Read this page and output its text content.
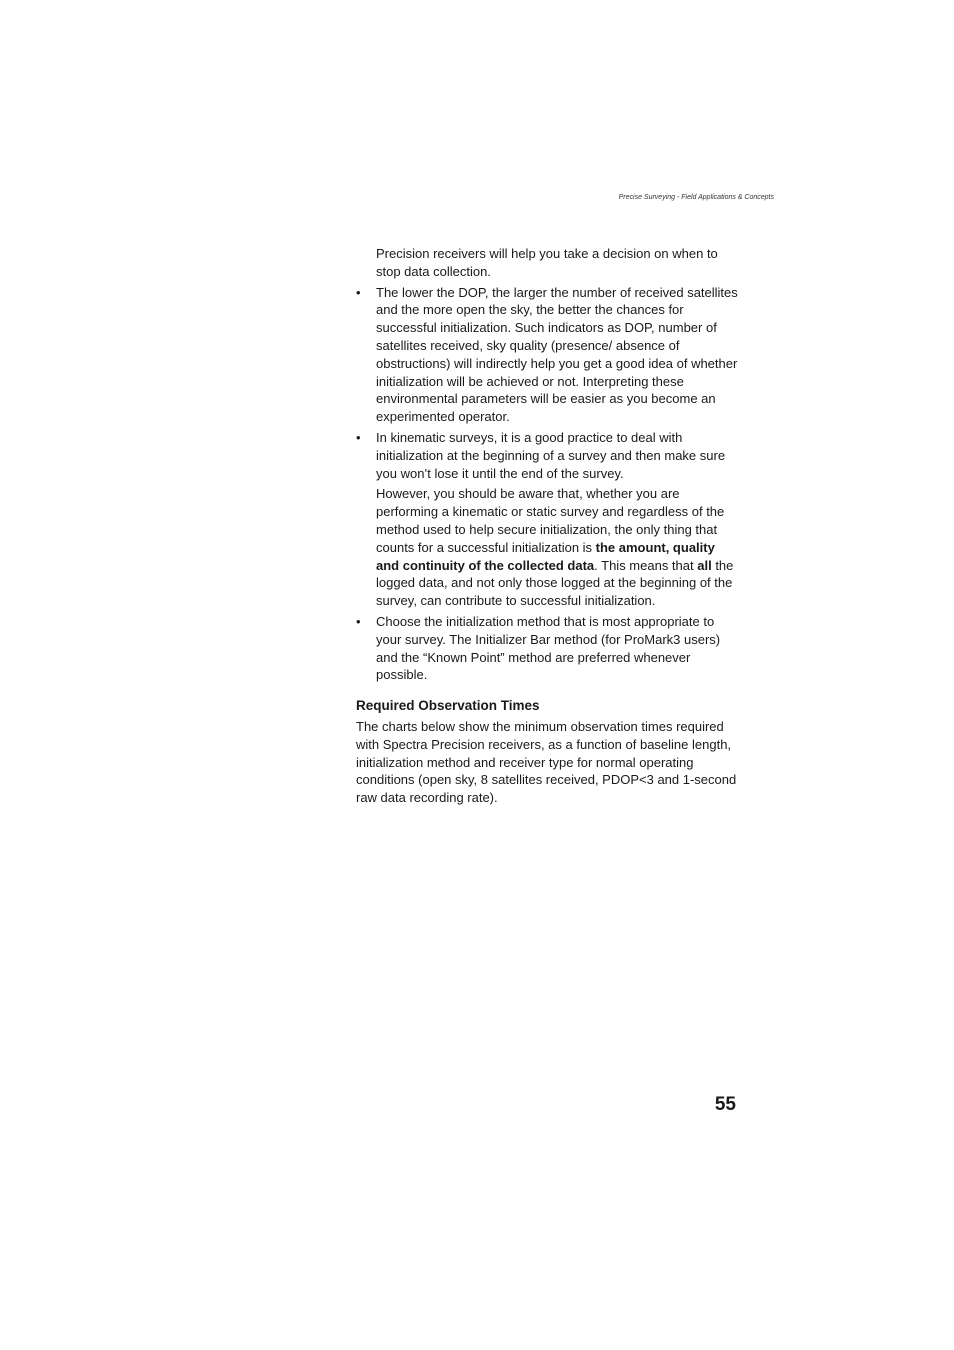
Precise Surveying - Field Applications & Concepts

Precision receivers will help you take a decision on when to stop data collection.

• The lower the DOP, the larger the number of received satellites and the more open the sky, the better the chances for successful initialization. Such indicators as DOP, number of satellites received, sky quality (presence/ absence of obstructions) will indirectly help you get a good idea of whether initialization will be achieved or not. Interpreting these environmental parameters will be easier as you become an experimented operator.

• In kinematic surveys, it is a good practice to deal with initialization at the beginning of a survey and then make sure you won’t lose it until the end of the survey.

However, you should be aware that, whether you are performing a kinematic or static survey and regardless of the method used to help secure initialization, the only thing that counts for a successful initialization is the amount, quality and continuity of the collected data. This means that all the logged data, and not only those logged at the beginning of the survey, can contribute to successful initialization.

• Choose the initialization method that is most appropriate to your survey. The Initializer Bar method (for ProMark3 users) and the “Known Point” method are preferred whenever possible.

Required Observation Times

The charts below show the minimum observation times required with Spectra Precision receivers, as a function of baseline length, initialization method and receiver type for normal operating conditions (open sky, 8 satellites received, PDOP<3 and 1-second raw data recording rate).

55
